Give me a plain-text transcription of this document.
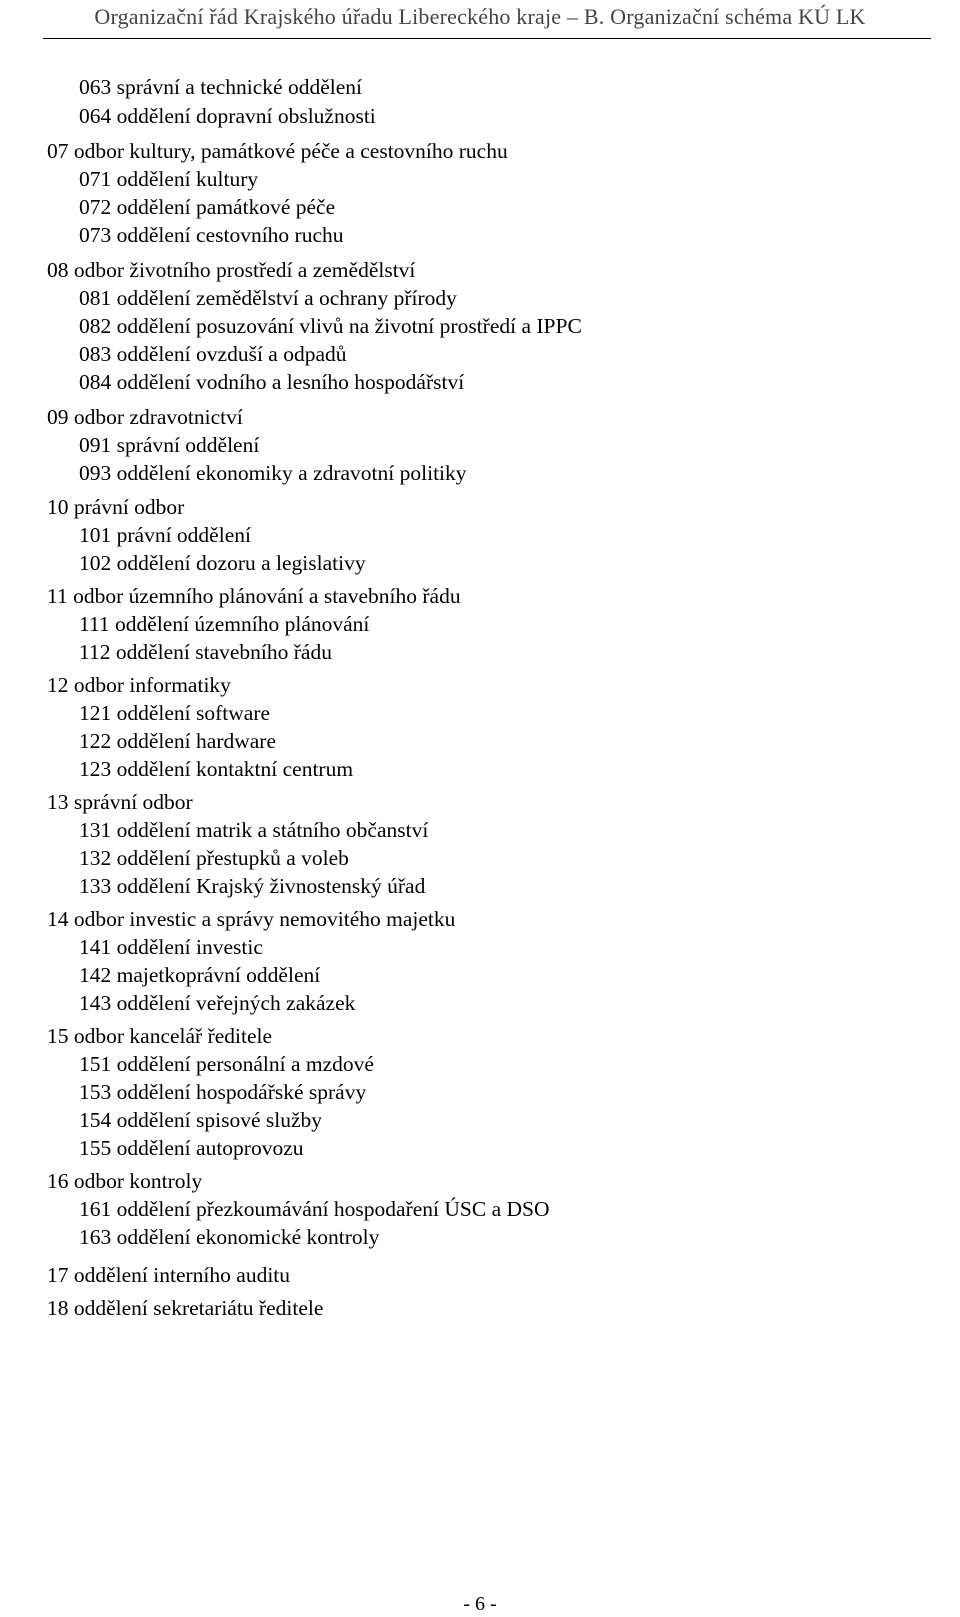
Organizační řád Krajského úřadu Libereckého kraje – B. Organizační schéma KÚ LK
063 správní a technické oddělení
064 oddělení dopravní obslužnosti
07 odbor kultury, památkové péče a cestovního ruchu
071 oddělení kultury
072 oddělení památkové péče
073 oddělení cestovního ruchu
08 odbor životního prostředí a zemědělství
081 oddělení zemědělství a ochrany přírody
082 oddělení posuzování vlivů na životní prostředí a IPPC
083 oddělení ovzduší a odpadů
084 oddělení vodního a lesního hospodářství
09 odbor zdravotnictví
091 správní oddělení
093 oddělení ekonomiky a zdravotní politiky
10 právní odbor
101 právní oddělení
102 oddělení dozoru a legislativy
11 odbor územního plánování a stavebního řádu
111 oddělení územního plánování
112 oddělení stavebního řádu
12 odbor informatiky
121 oddělení software
122 oddělení hardware
123 oddělení kontaktní centrum
13 správní odbor
131 oddělení matrik a státního občanství
132 oddělení přestupků a voleb
133 oddělení Krajský živnostenský úřad
14 odbor investic a správy nemovitého majetku
141 oddělení investic
142 majetkoprávní oddělení
143 oddělení veřejných zakázek
15 odbor kancelář ředitele
151 oddělení personální a mzdové
153 oddělení hospodářské správy
154 oddělení spisové služby
155 oddělení autoprovozu
16 odbor kontroly
161 oddělení přezkoumávání hospodaření ÚSC a DSO
163 oddělení ekonomické kontroly
17 oddělení interního auditu
18 oddělení sekretariátu ředitele
- 6 -
